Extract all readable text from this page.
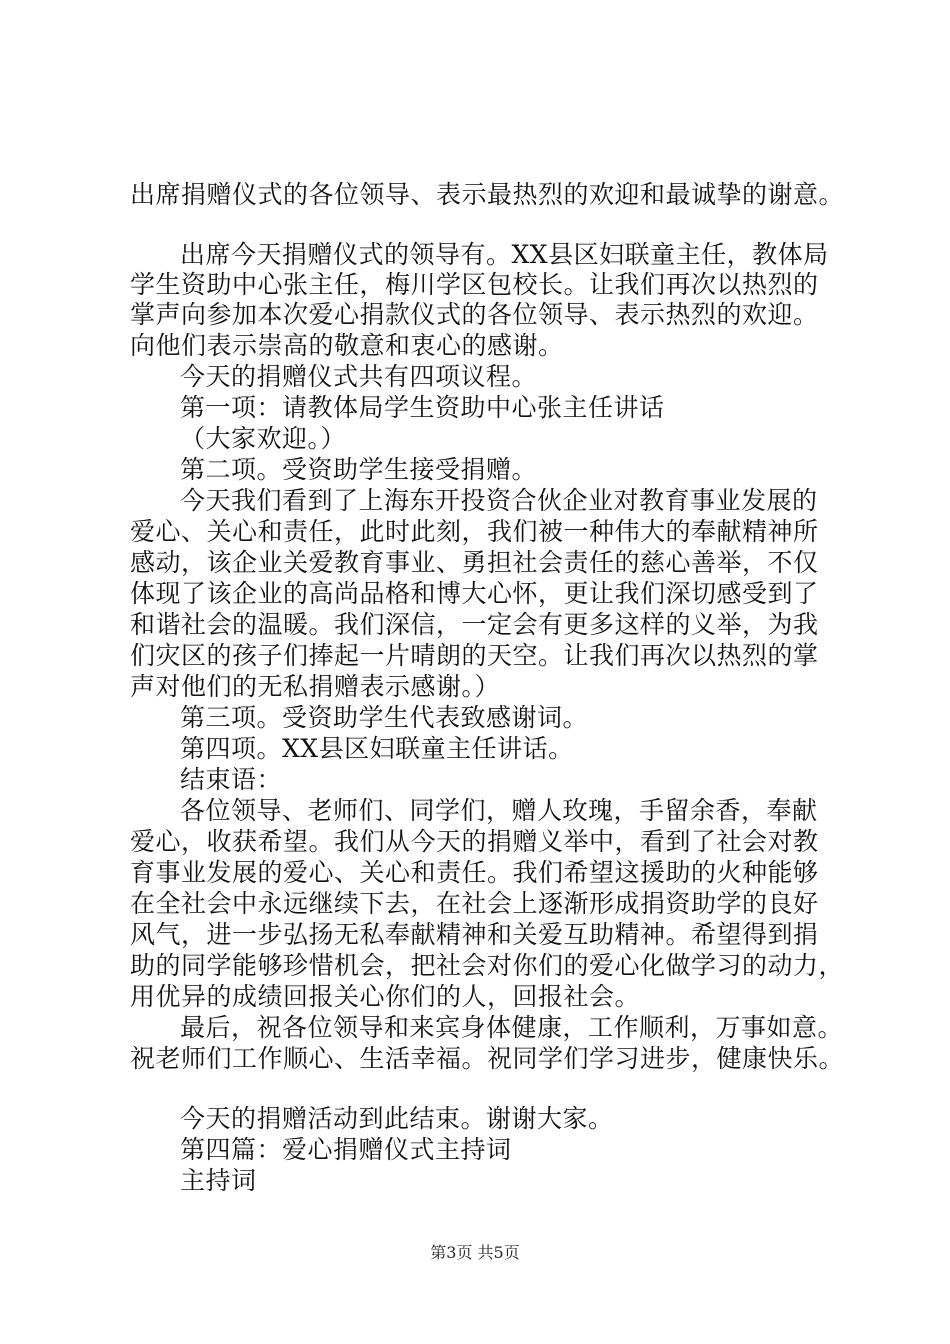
出席捐赠仪式的各位领导、表示最热烈的欢迎和最诚挚的谢意。
出席今天捐赠仪式的领导有。XX县区妇联童主任，教体局
学生资助中心张主任，梅川学区包校长。让我们再次以热烈的
掌声向参加本次爱心捐款仪式的各位领导、表示热烈的欢迎。
向他们表示崇高的敬意和衷心的感谢。
今天的捐赠仪式共有四项议程。
第一项：请教体局学生资助中心张主任讲话
（大家欢迎。）
第二项。受资助学生接受捐赠。
今天我们看到了上海东开投资合伙企业对教育事业发展的
爱心、关心和责任，此时此刻，我们被一种伟大的奉献精神所
感动，该企业关爱教育事业、勇担社会责任的慈心善举，不仅
体现了该企业的高尚品格和博大心怀，更让我们深切感受到了
和谐社会的温暖。我们深信，一定会有更多这样的义举，为我
们灾区的孩子们捧起一片晴朗的天空。让我们再次以热烈的掌
声对他们的无私捐赠表示感谢。）
第三项。受资助学生代表致感谢词。
第四项。XX县区妇联童主任讲话。
结束语：
各位领导、老师们、同学们，赠人玫瑰，手留余香，奉献
爱心，收获希望。我们从今天的捐赠义举中，看到了社会对教
育事业发展的爱心、关心和责任。我们希望这援助的火种能够
在全社会中永远继续下去，在社会上逐渐形成捐资助学的良好
风气，进一步弘扬无私奉献精神和关爱互助精神。希望得到捐
助的同学能够珍惜机会，把社会对你们的爱心化做学习的动力，
用优异的成绩回报关心你们的人，回报社会。
最后，祝各位领导和来宾身体健康，工作顺利，万事如意。
祝老师们工作顺心、生活幸福。祝同学们学习进步，健康快乐。
今天的捐赠活动到此结束。谢谢大家。
第四篇：爱心捐赠仪式主持词
主持词
第3页 共5页
